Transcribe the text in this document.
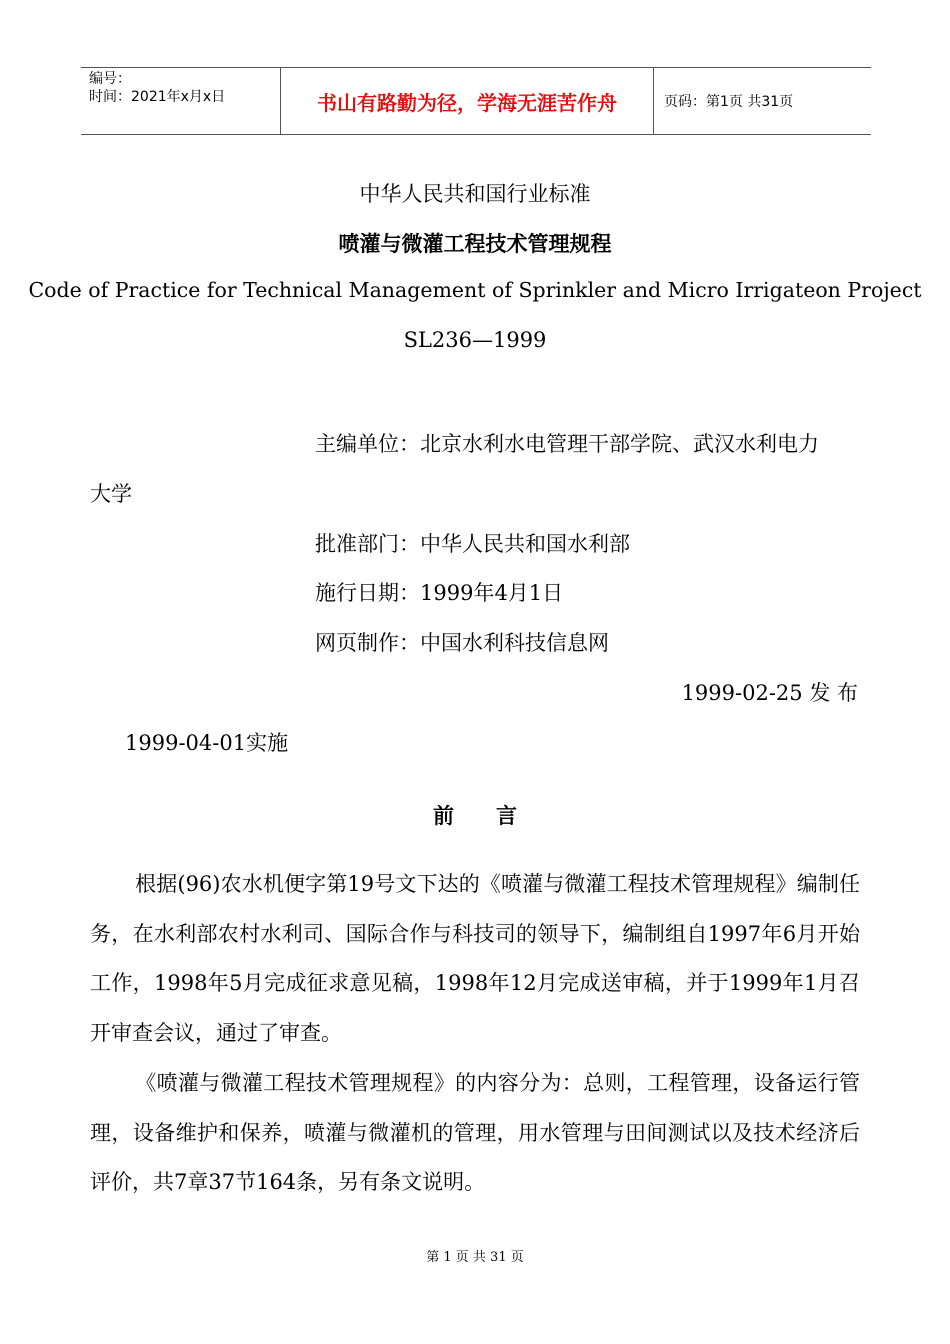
编号：
时间：2021年x月x日	书山有路勤为径，学海无涯苦作舟	页码：第1页 共31页
中华人民共和国行业标准
喷灌与微灌工程技术管理规程
Code of Practice for Technical Management of Sprinkler and Micro Irrigateon Project
SL236—1999
主编单位：北京水利水电管理干部学院、武汉水利电力
大学
批准部门：中华人民共和国水利部
施行日期：1999年4月1日
网页制作：中国水利科技信息网
1999-02-25 发 布
1999-04-01实施
前　　言
根据(96)农水机便字第19号文下达的《喷灌与微灌工程技术管理规程》编制任务，在水利部农村水利司、国际合作与科技司的领导下，编制组自1997年6月开始工作，1998年5月完成征求意见稿，1998年12月完成送审稿，并于1999年1月召开审查会议，通过了审查。
《喷灌与微灌工程技术管理规程》的内容分为：总则，工程管理，设备运行管理，设备维护和保养，喷灌与微灌机的管理，用水管理与田间测试以及技术经济后评价，共7章37节164条，另有条文说明。
第 1 页 共 31 页
